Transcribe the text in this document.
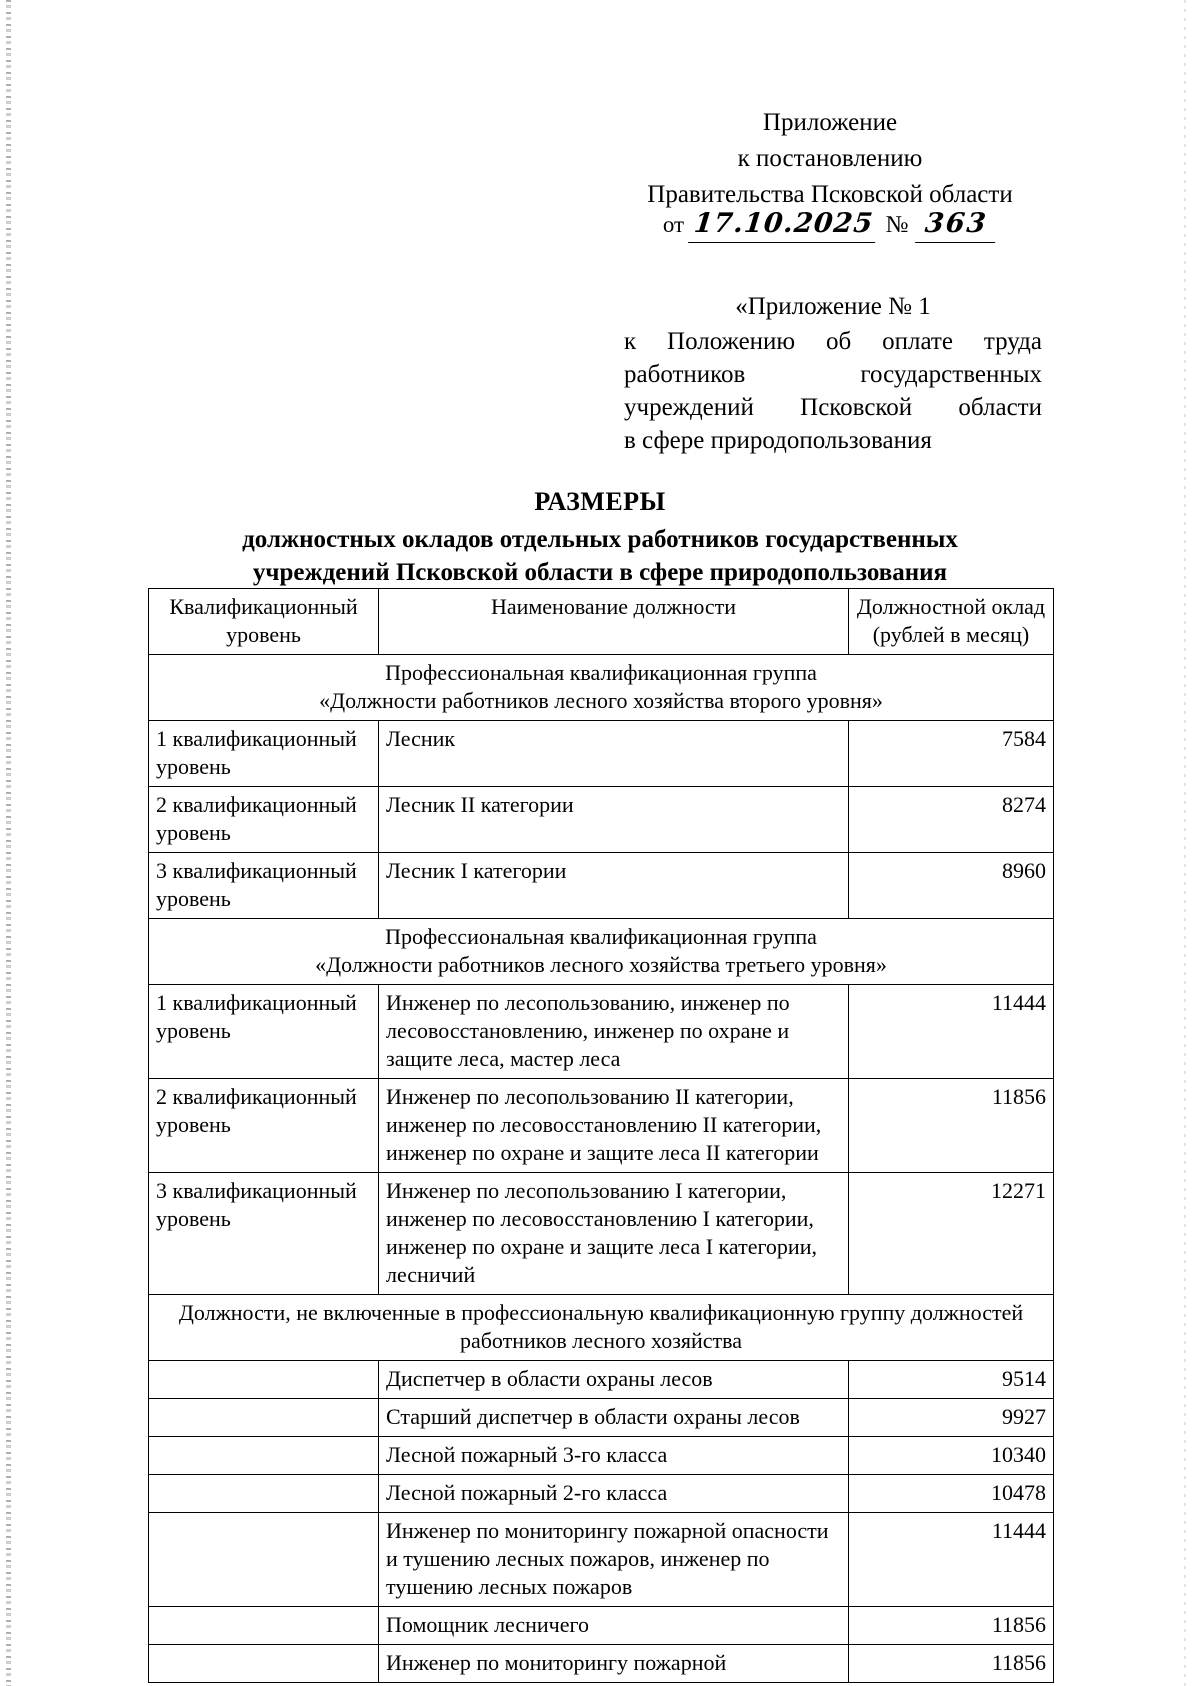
Приложение
к постановлению
Правительства Псковской области
от 17.10.2025 № 363
«Приложение № 1
к Положению об оплате труда
работников	государственных
учреждений Псковской области
в сфере природопользования
РАЗМЕРЫ
должностных окладов отдельных работников государственных
учреждений Псковской области в сфере природопользования
Квалификационный уровень	Наименование должности	Должностной оклад (рублей в месяц)

Профессиональная квалификационная группа
«Должности работников лесного хозяйства второго уровня»		

1 квалификационный уровень	Лесник	7584
2 квалификационный уровень	Лесник II категории	8274
3 квалификационный уровень	Лесник I категории	8960

Профессиональная квалификационная группа
«Должности работников лесного хозяйства третьего уровня»		

1 квалификационный уровень	Инженер по лесопользованию, инженер по лесовосстановлению, инженер по охране и защите леса, мастер леса	11444
2 квалификационный уровень	Инженер по лесопользованию II категории, инженер по лесовосстановлению II категории, инженер по охране и защите леса II категории	11856
3 квалификационный уровень	Инженер по лесопользованию I категории, инженер по лесовосстановлению I категории, инженер по охране и защите леса I категории, лесничий	12271

Должности, не включенные в профессиональную квалификационную группу должностей
работников лесного хозяйства		

	Диспетчер в области охраны лесов	9514
	Старший диспетчер в области охраны лесов	9927
	Лесной пожарный 3-го класса	10340
	Лесной пожарный 2-го класса	10478
	Инженер по мониторингу пожарной опасности и тушению лесных пожаров, инженер по тушению лесных пожаров	11444
	Помощник лесничего	11856
	Инженер по мониторингу пожарной	11856
